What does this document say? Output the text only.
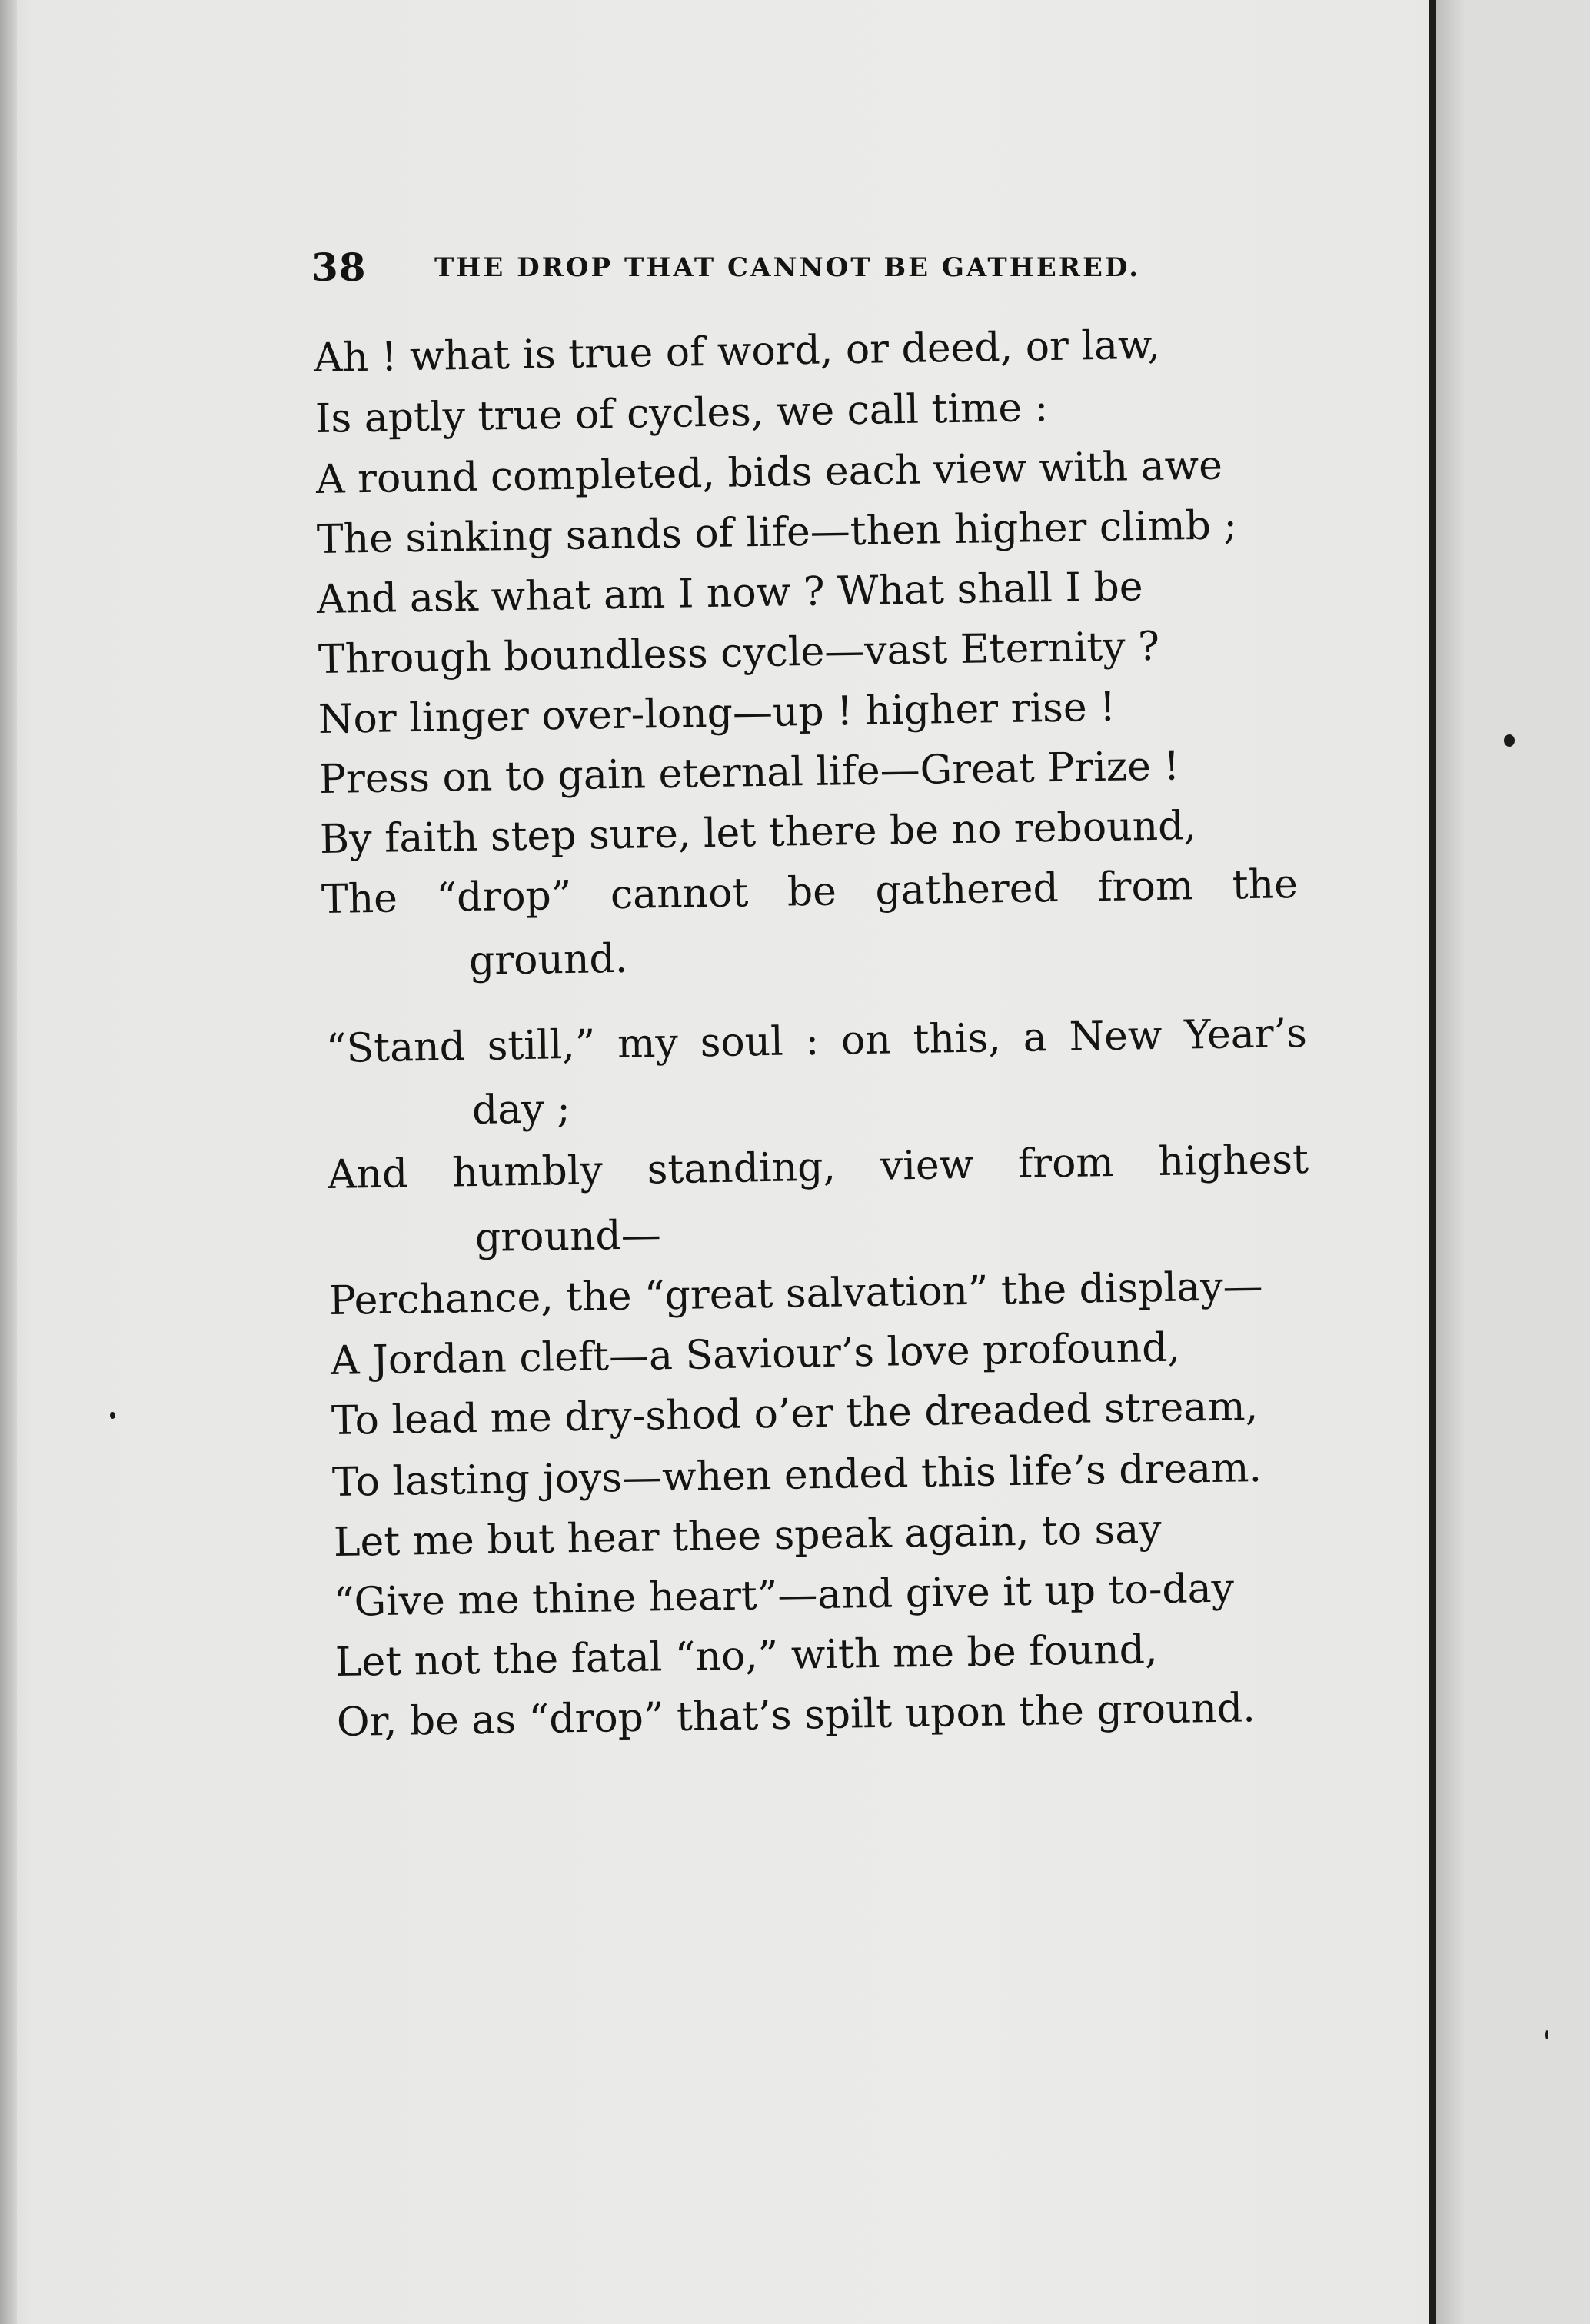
38	THE DROP THAT CANNOT BE GATHERED.
Ah ! what is true of word, or deed, or law,
Is aptly true of cycles, we call time :
A round completed, bids each view with awe
The sinking sands of life—then higher climb ;
And ask what am I now ? What shall I be
Through boundless cycle—vast Eternity ?
Nor linger over-long—up ! higher rise !
Press on to gain eternal life—Great Prize !
By faith step sure, let there be no rebound,
The “drop” cannot be gathered from the
ground.
“Stand still,” my soul : on this, a New Year’s
day ;
And humbly standing, view from highest
ground—
Perchance, the “great salvation” the display—
A Jordan cleft—a Saviour’s love profound,
To lead me dry-shod o’er the dreaded stream,
To lasting joys—when ended this life’s dream.
Let me but hear thee speak again, to say
“Give me thine heart”—and give it up to-day
Let not the fatal “no,” with me be found,
Or, be as “drop” that’s spilt upon the ground.
